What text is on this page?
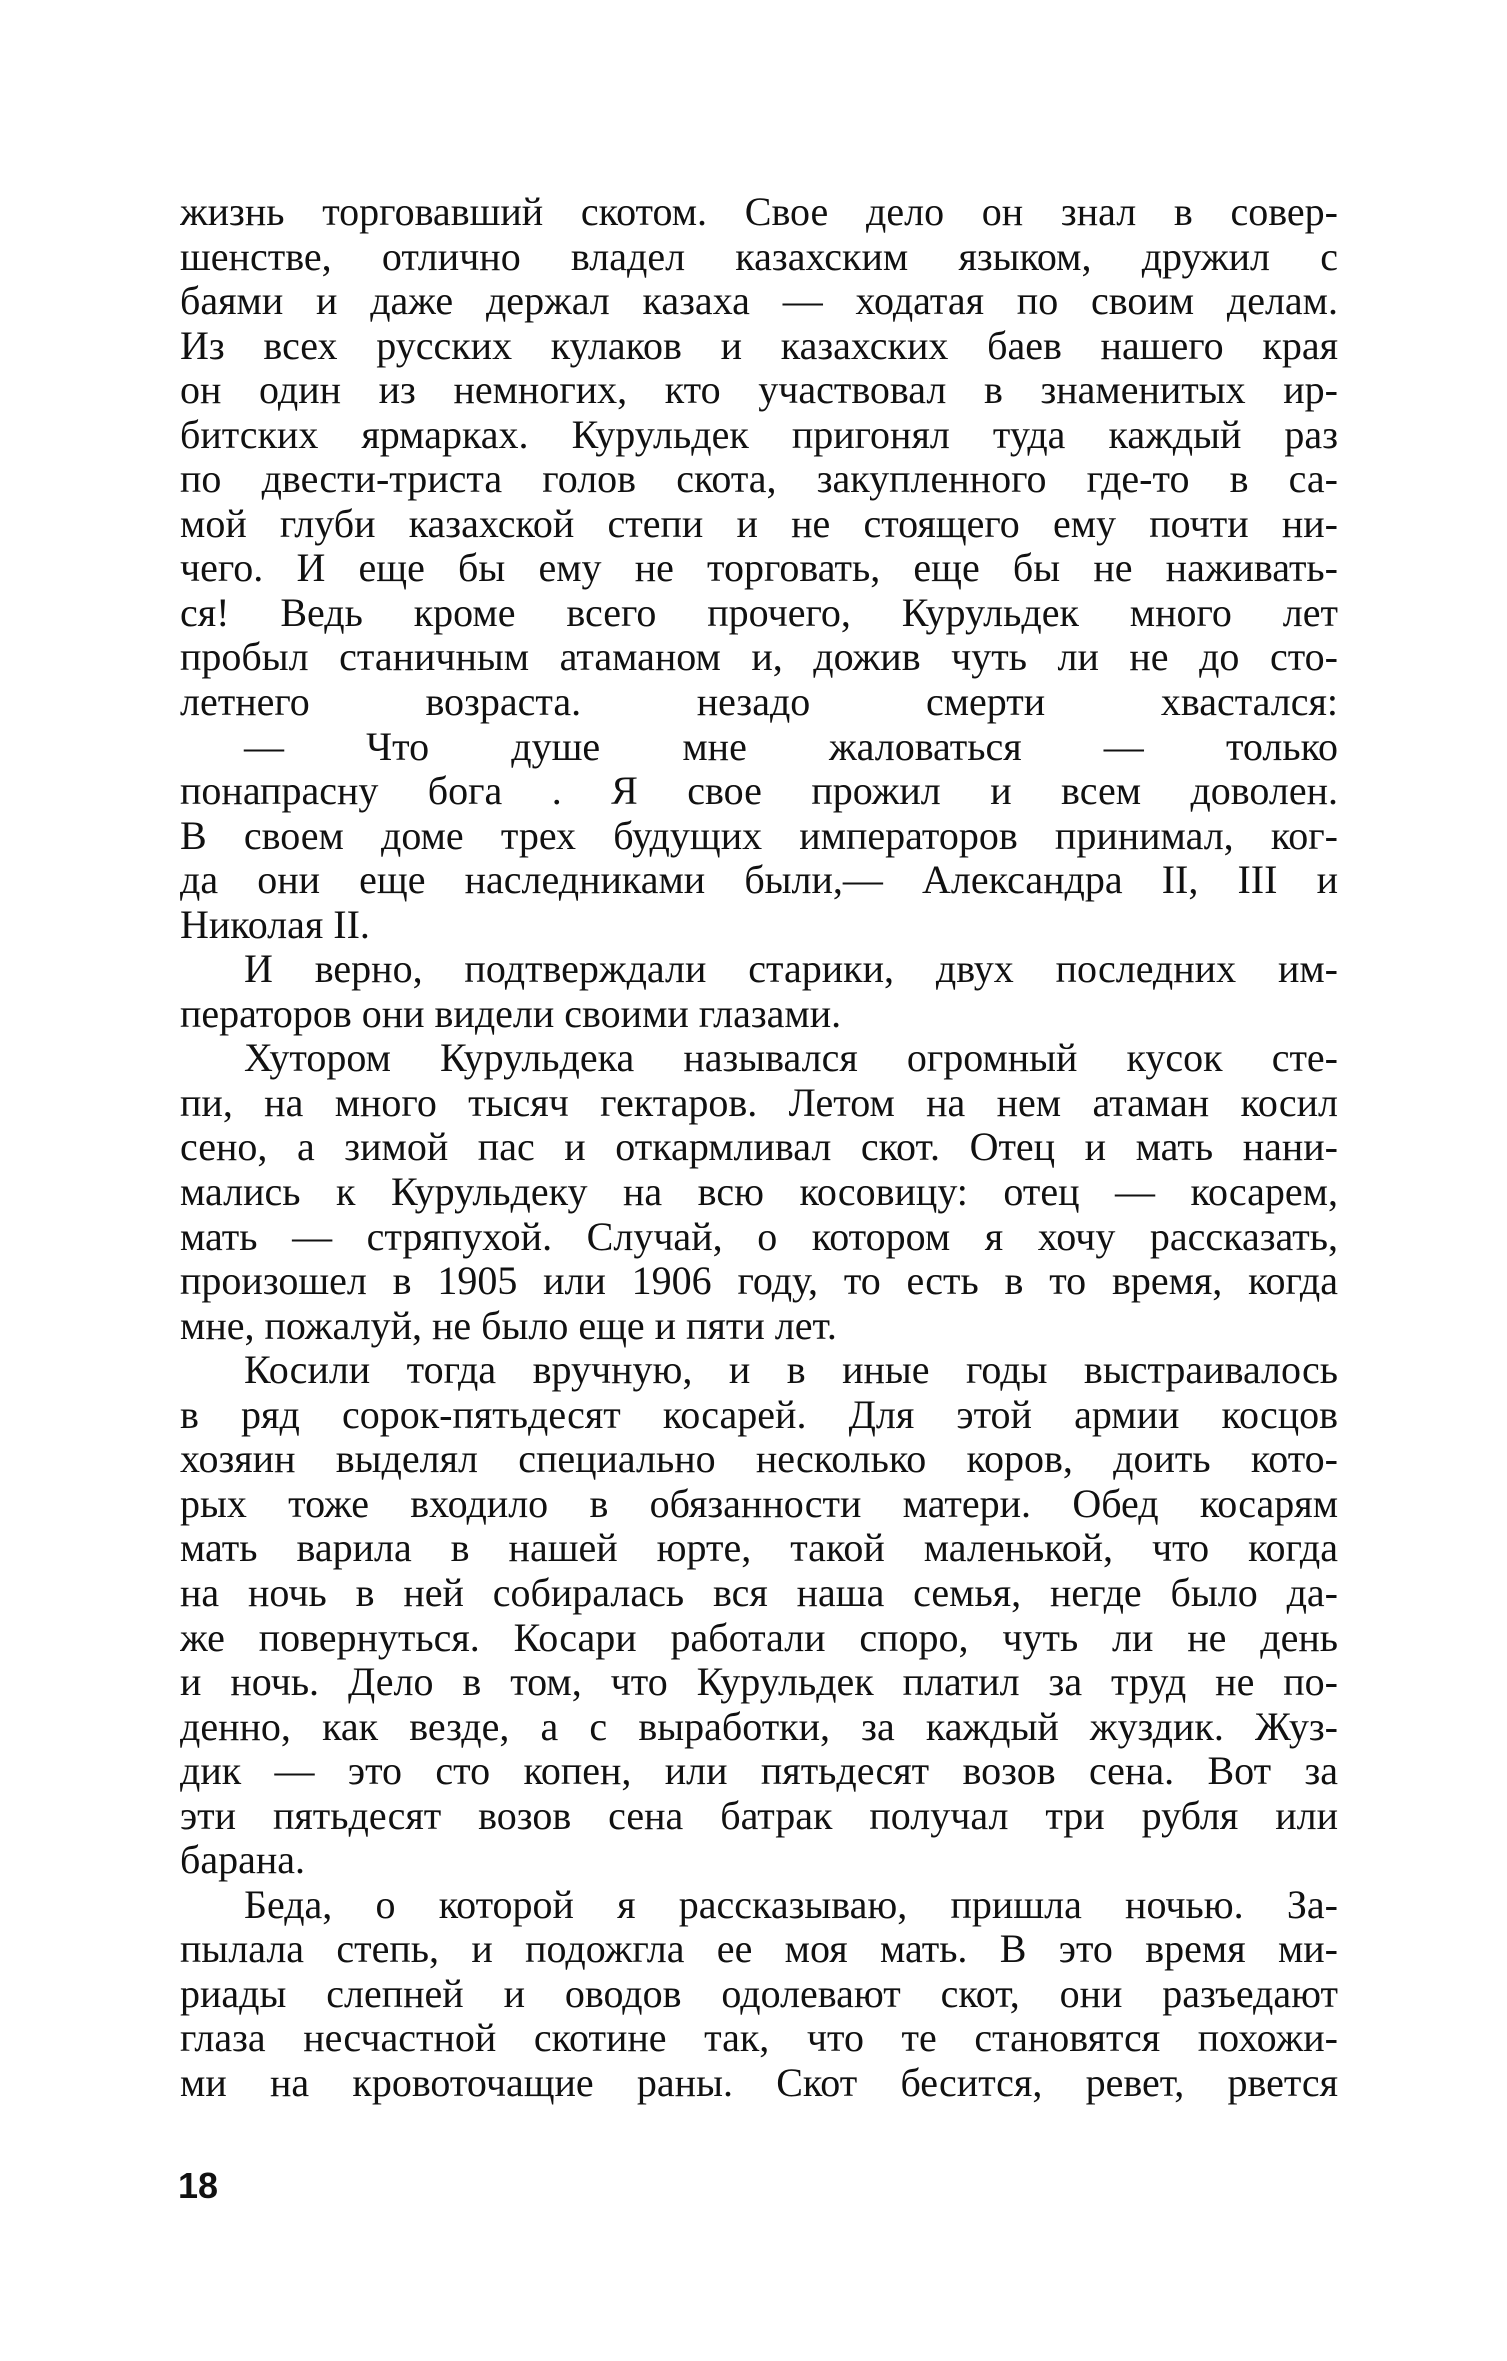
жизнь торговавший скотом. Свое дело он знал в совер-
шенстве, отлично владел казахским языком, дружил с
баями и даже держал казаха — ходатая по своим делам.
Из всех русских кулаков и казахских баев нашего края
он один из немногих, кто участвовал в знаменитых ир-
битских ярмарках. Курульдек пригонял туда каждый раз
по двести-триста голов скота, закупленного где-то в са-
мой глуби казахской степи и не стоящего ему почти ни-
чего. И еще бы ему не торговать, еще бы не наживать-
ся! Ведь кроме всего прочего, Курульдек много лет
пробыл станичным атаманом и, дожив чуть ли не до сто-
летнего возраста. незадо смерти хвастался:
— Что душе мне жаловаться — только
понапрасну бога . Я свое прожил и всем доволен.
В своем доме трех будущих императоров принимал, ког-
да они еще наследниками были,— Александра II, III и
Николая II.
И верно, подтверждали старики, двух последних им-
ператоров они видели своими глазами.
Хутором Курульдека назывался огромный кусок сте-
пи, на много тысяч гектаров. Летом на нем атаман косил
сено, а зимой пас и откармливал скот. Отец и мать нани-
мались к Курульдеку на всю косовицу: отец — косарем,
мать — стряпухой. Случай, о котором я хочу рассказать,
произошел в 1905 или 1906 году, то есть в то время, когда
мне, пожалуй, не было еще и пяти лет.
Косили тогда вручную, и в иные годы выстраивалось
в ряд сорок-пятьдесят косарей. Для этой армии косцов
хозяин выделял специально несколько коров, доить кото-
рых тоже входило в обязанности матери. Обед косарям
мать варила в нашей юрте, такой маленькой, что когда
на ночь в ней собиралась вся наша семья, негде было да-
же повернуться. Косари работали споро, чуть ли не день
и ночь. Дело в том, что Курульдек платил за труд не по-
денно, как везде, а с выработки, за каждый жуздик. Жуз-
дик — это сто копен, или пятьдесят возов сена. Вот за
эти пятьдесят возов сена батрак получал три рубля или
барана.
Беда, о которой я рассказываю, пришла ночью. За-
пылала степь, и подожгла ее моя мать. В это время ми-
риады слепней и оводов одолевают скот, они разъедают
глаза несчастной скотине так, что те становятся похожи-
ми на кровоточащие раны. Скот бесится, ревет, рвется
18
